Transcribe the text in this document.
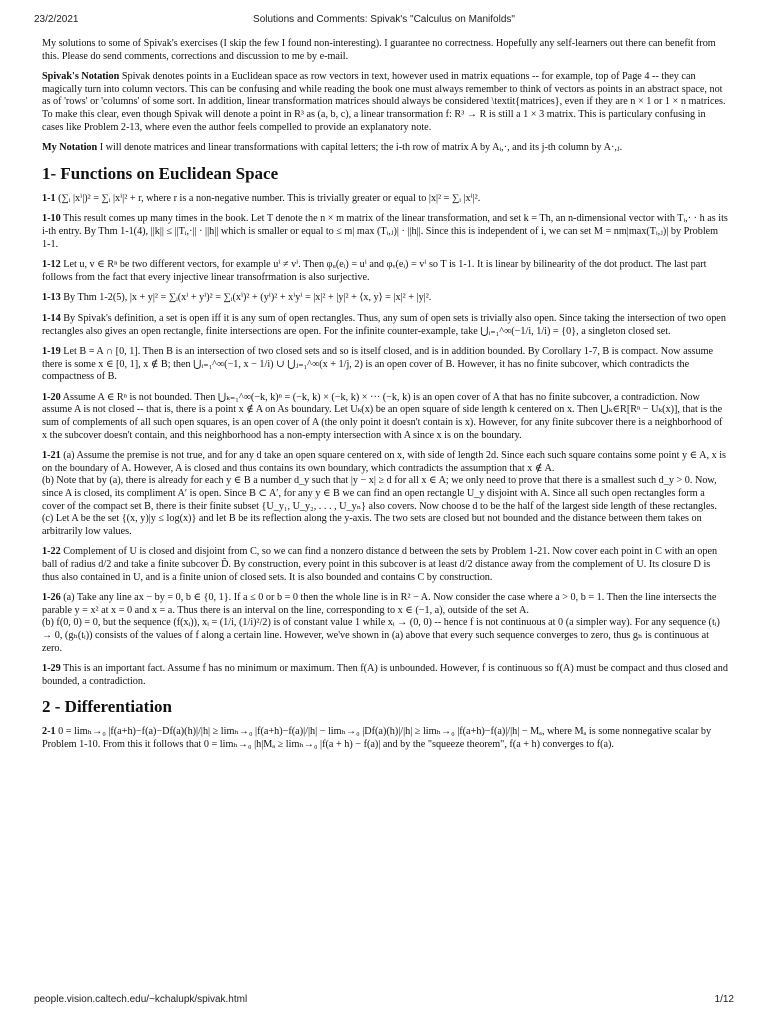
23/2/2021	Solutions and Comments: Spivak's "Calculus on Manifolds"

My solutions to some of Spivak's exercises (I skip the few I found non-interesting). I guarantee no correctness. Hopefully any self-learners out there can benefit from this. Please do send comments, corrections and discussion to me by e-mail.

Spivak's Notation Spivak denotes points in a Euclidean space as row vectors in text, however used in matrix equations -- for example, top of Page 4 -- they can magically turn into column vectors. This can be confusing and while reading the book one must always remember to think of vectors as points in an abstract space, not as of 'rows' or 'columns' of some sort. In addition, linear transformation matrices should always be considered \textit{matrices}, even if they are n × 1 or 1 × n matrices. To make this clear, even though Spivak will denote a point in R³ as (a, b, c), a linear transormation f: R³ → R is still a 1 × 3 matrix. This is particulary confusing in cases like Problem 2-13, where even the author feels compelled to provide an explanatory note.

My Notation I will denote matrices and linear transformations with capital letters; the i-th row of matrix A by Aᵢ,·, and its j-th column by A·,ⱼ.

1- Functions on Euclidean Space

1-1 (∑ᵢ |xⁱ|)² = ∑ᵢ |xⁱ|² + r, where r is a non-negative number. This is trivially greater or equal to |x|² = ∑ᵢ |xⁱ|².

1-10 This result comes up many times in the book. Let T denote the n × m matrix of the linear transformation, and set k = Th, an n-dimensional vector with Tᵢ,· · h as its i-th entry. By Thm 1-1(4), ||k|| ≤ ||Tᵢ,·|| · ||h|| which is smaller or equal to ≤ m| max (Tᵢ,ⱼ)| · ||h||. Since this is independent of i, we can set M = nm|max(Tᵢ,ⱼ)| by Problem 1-1.

1-12 Let u, v ∈ Rⁿ be two different vectors, for example uⁱ ≠ vⁱ. Then φᵤ(eᵢ) = uⁱ and φᵥ(eᵢ) = vⁱ so T is 1-1. It is linear by bilinearity of the dot product. The last part follows from the fact that every injective linear transofrmation is also surjective.

1-13 By Thm 1-2(5), |x + y|² = ∑ᵢ(xⁱ + yⁱ)² = ∑ᵢ(xⁱ)² + (yⁱ)² + xⁱyⁱ = |x|² + |y|² + ⟨x, y⟩ = |x|² + |y|².

1-14 By Spivak's definition, a set is open iff it is any sum of open rectangles. Thus, any sum of open sets is trivially also open. Since taking the intersection of two open rectangles also gives an open rectangle, finite intersections are open. For the infinite counter-example, take ⋃ᵢ₌₁^∞(−1/i, 1/i) = {0}, a singleton closed set.

1-19 Let B = A ∩ [0, 1]. Then B is an intersection of two closed sets and so is itself closed, and is in addition bounded. By Corollary 1-7, B is compact. Now assume there is some x ∈ [0, 1], x ∉ B; then ⋃ᵢ₌₁^∞(−1, x − 1/i) ∪ ⋃ⱼ₌₁^∞(x + 1/j, 2) is an open cover of B. However, it has no finite subcover, which contradicts the compactness of B.

1-20 Assume A ∈ Rⁿ is not bounded. Then ⋃ₖ₌₁^∞(−k, k)ⁿ = (−k, k) × (−k, k) × ··· (−k, k) is an open cover of A that has no finite subcover, a contradiction. Now assume A is not closed -- that is, there is a point x ∉ A on As boundary. Let Uₖ(x) be an open square of side length k centered on x. Then ⋃ₖ∈R[Rⁿ − Uₖ(x)], that is the sum of complements of all such open squares, is an open cover of A (the only point it doesn't contain is x). However, for any finite subcover there is a neighborhood of x the subcover doesn't contain, and this neighborhood has a non-empty intersection with A since x is on the boundary.

1-21 (a) Assume the premise is not true, and for any d take an open square centered on x, with side of length 2d. Since each such square contains some point y ∈ A, x is on the boundary of A. However, A is closed and thus contains its own boundary, which contradicts the assumption that x ∉ A.

(b) Note that by (a), there is already for each y ∈ B a number d_y such that |y − x| ≥ d for all x ∈ A; we only need to prove that there is a smallest such d_y > 0. Now, since A is closed, its compliment A′ is open. Since B ⊂ A′, for any y ∈ B we can find an open rectangle U_y disjoint with A. Since all such open rectangles form a cover of the compact set B, there is their finite subset {U_y₁, U_y₂, . . . , U_yₙ} also covers. Now choose d to be the half of the largest side length of these rectangles.

(c) Let A be the set {(x, y)|y ≤ log(x)} and let B be its reflection along the y-axis. The two sets are closed but not bounded and the distance between them takes on arbitrarily low values.

1-22 Complement of U is closed and disjoint from C, so we can find a nonzero distance d between the sets by Problem 1-21. Now cover each point in C with an open ball of radius d/2 and take a finite subcover D̃. By construction, every point in this subcover is at least d/2 distance away from the complement of U. Its closure D is thus also contained in U, and is a finite union of closed sets. It is also bounded and contains C by construction.

1-26 (a) Take any line ax − by = 0, b ∈ {0, 1}. If a ≤ 0 or b = 0 then the whole line is in R² − A. Now consider the case where a > 0, b = 1. Then the line intersects the parable y = x² at x = 0 and x = a. Thus there is an interval on the line, corresponding to x ∈ (−1, a), outside of the set A.

(b) f(0, 0) = 0, but the sequence (f(xᵢ)), xᵢ = (1/i, (1/i)²/2) is of constant value 1 while xᵢ → (0, 0) -- hence f is not continuous at 0 (a simpler way). For any sequence (tᵢ) → 0, (gₕ(tᵢ)) consists of the values of f along a certain line. However, we've shown in (a) above that every such sequence converges to zero, thus gₕ is continuous at zero.

1-29 This is an important fact. Assume f has no minimum or maximum. Then f(A) is unbounded. However, f is continuous so f(A) must be compact and thus closed and bounded, a contradiction.

2 - Differentiation

2-1 0 = limₕ→₀ |f(a+h)−f(a)−Df(a)(h)|/|h| ≥ limₕ→₀ |f(a+h)−f(a)|/|h| − limₕ→₀ |Df(a)(h)|/|h| ≥ limₕ→₀ |f(a+h)−f(a)|/|h| − Mₐ, where Mₐ is some nonnegative scalar by Problem 1-10. From this it follows that 0 = limₕ→₀ |h|Mₐ ≥ limₕ→₀ |f(a + h) − f(a)| and by the "squeeze theorem", f(a + h) converges to f(a).

people.vision.caltech.edu/~kchalupk/spivak.html	1/12
